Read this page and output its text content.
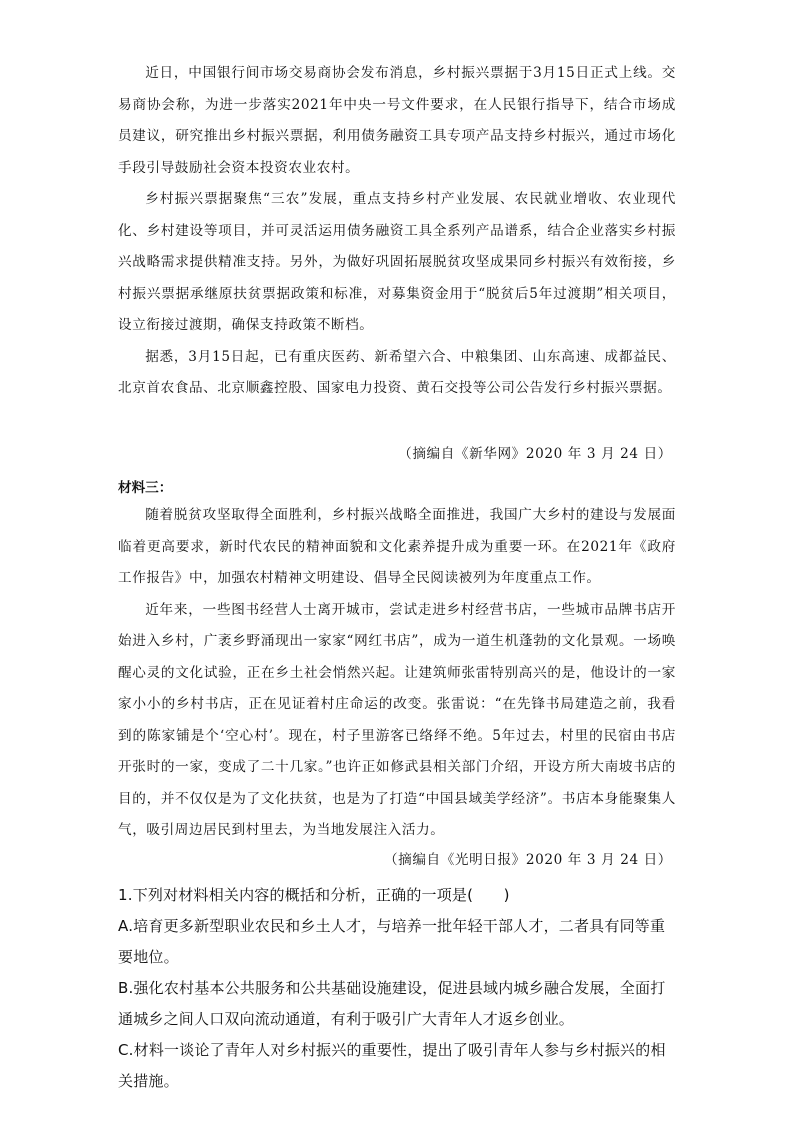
近日，中国银行间市场交易商协会发布消息，乡村振兴票据于3月15日正式上线。交易商协会称，为进一步落实2021年中央一号文件要求，在人民银行指导下，结合市场成员建议，研究推出乡村振兴票据，利用债务融资工具专项产品支持乡村振兴，通过市场化手段引导鼓励社会资本投资农业农村。

乡村振兴票据聚焦“三农”发展，重点支持乡村产业发展、农民就业增收、农业现代化、乡村建设等项目，并可灵活运用债务融资工具全系列产品谱系，结合企业落实乡村振兴战略需求提供精准支持。另外，为做好巩固拓展脱贫攻坚成果同乡村振兴有效衔接，乡村振兴票据承继原扶贫票据政策和标准，对募集资金用于“脱贫后5年过渡期”相关项目，设立衔接过渡期，确保支持政策不断档。

据悉，3月15日起，已有重庆医药、新希望六合、中粮集团、山东高速、成都益民、北京首农食品、北京顺鑫控股、国家电力投资、黄石交投等公司公告发行乡村振兴票据。

（摘编自《新华网》2020 年 3 月 24 日）
材料三：

随着脱贫攻坚取得全面胜利，乡村振兴战略全面推进，我国广大乡村的建设与发展面临着更高要求，新时代农民的精神面貌和文化素养提升成为重要一环。在2021年《政府工作报告》中，加强农村精神文明建设、倡导全民阅读被列为年度重点工作。

近年来，一些图书经营人士离开城市，尝试走进乡村经营书店，一些城市品牌书店开始进入乡村，广袤乡野涌现出一家家“网红书店”，成为一道生机蓬勃的文化景观。一场唤醒心灵的文化试验，正在乡土社会悄然兴起。让建筑师张雷特别高兴的是，他设计的一家家小小的乡村书店，正在见证着村庄命运的改变。张雷说：“在先锋书局建造之前，我看到的陈家铺是个‘空心村’。现在，村子里游客已络绎不绝。5年过去，村里的民宿由书店开张时的一家，变成了二十几家。”也许正如修武县相关部门介绍，开设方所大南坡书店的目的，并不仅仅是为了文化扶贫，也是为了打造“中国县域美学经济”。书店本身能聚集人气，吸引周边居民到村里去，为当地发展注入活力。

（摘编自《光明日报》2020 年 3 月 24 日）
1.下列对材料相关内容的概括和分析，正确的一项是(　　)
A.培育更多新型职业农民和乡土人才，与培养一批年轻干部人才，二者具有同等重要地位。
B.强化农村基本公共服务和公共基础设施建设，促进县域内城乡融合发展，全面打通城乡之间人口双向流动通道，有利于吸引广大青年人才返乡创业。
C.材料一谈论了青年人对乡村振兴的重要性，提出了吸引青年人参与乡村振兴的相关措施。
